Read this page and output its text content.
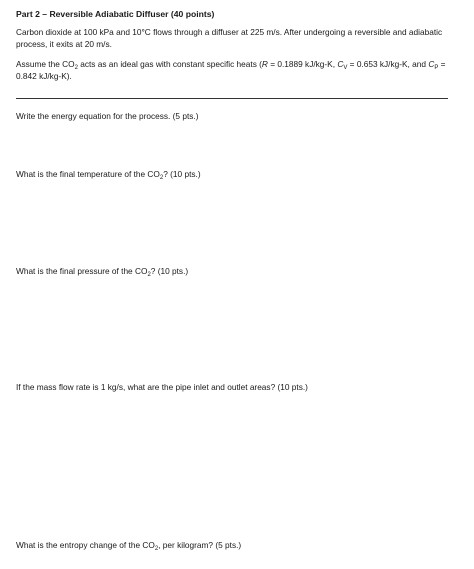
Part 2 – Reversible Adiabatic Diffuser (40 points)
Carbon dioxide at 100 kPa and 10°C flows through a diffuser at 225 m/s. After undergoing a reversible and adiabatic process, it exits at 20 m/s.
Assume the $CO_2$ acts as an ideal gas with constant specific heats (R = 0.1889 kJ/kg-K, $C_V = 0.653$ kJ/kg-K, and $C_P = 0.842$ kJ/kg-K).
Write the energy equation for the process. (5 pts.)
What is the final temperature of the $CO_2$? (10 pts.)
What is the final pressure of the $CO_2$? (10 pts.)
If the mass flow rate is 1 kg/s, what are the pipe inlet and outlet areas? (10 pts.)
What is the entropy change of the $CO_2$, per kilogram? (5 pts.)
